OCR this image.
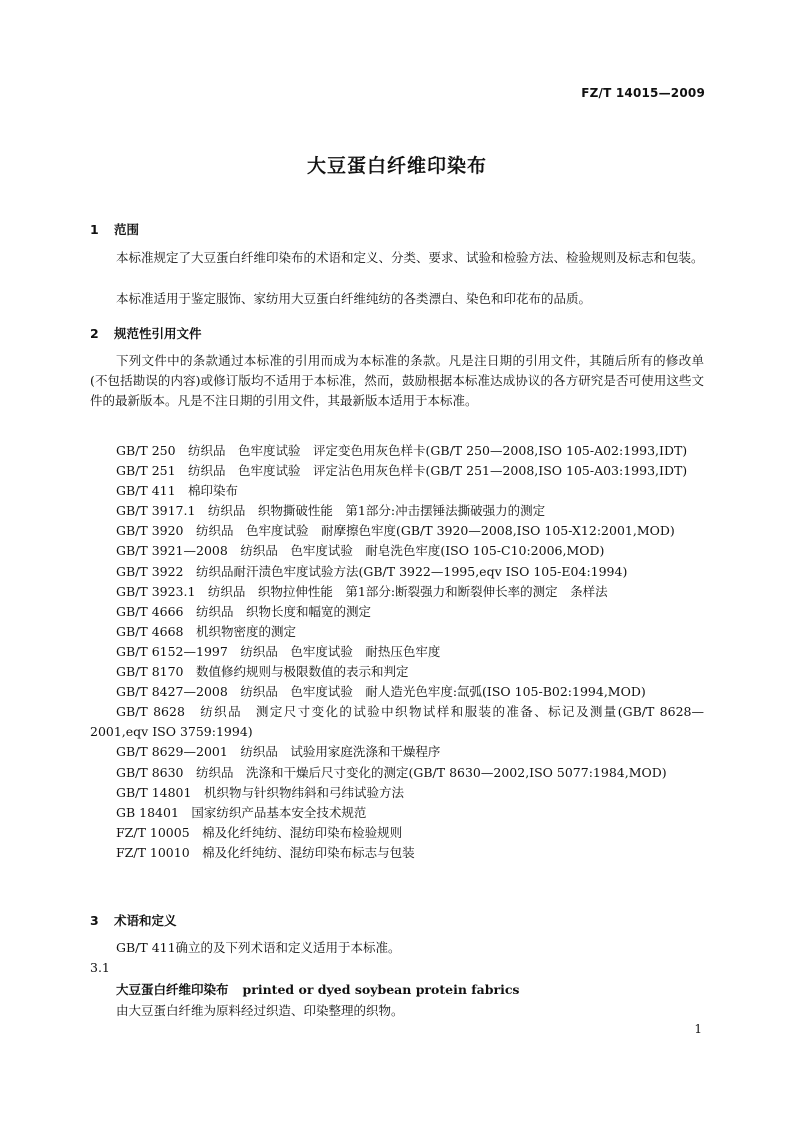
FZ/T 14015—2009
大豆蛋白纤维印染布
1 范围
本标准规定了大豆蛋白纤维印染布的术语和定义、分类、要求、试验和检验方法、检验规则及标志和包装。
本标准适用于鉴定服饰、家纺用大豆蛋白纤维纯纺的各类漂白、染色和印花布的品质。
2 规范性引用文件
下列文件中的条款通过本标准的引用而成为本标准的条款。凡是注日期的引用文件，其随后所有的修改单(不包括勘误的内容)或修订版均不适用于本标准，然而，鼓励根据本标准达成协议的各方研究是否可使用这些文件的最新版本。凡是不注日期的引用文件，其最新版本适用于本标准。
GB/T 250　纺织品　色牢度试验　评定变色用灰色样卡(GB/T 250—2008,ISO 105-A02:1993,IDT)
GB/T 251　纺织品　色牢度试验　评定沾色用灰色样卡(GB/T 251—2008,ISO 105-A03:1993,IDT)
GB/T 411　棉印染布
GB/T 3917.1　纺织品　织物撕破性能　第1部分:冲击摆锤法撕破强力的测定
GB/T 3920　纺织品　色牢度试验　耐摩擦色牢度(GB/T 3920—2008,ISO 105-X12:2001,MOD)
GB/T 3921—2008　纺织品　色牢度试验　耐皂洗色牢度(ISO 105-C10:2006,MOD)
GB/T 3922　纺织品耐汗渍色牢度试验方法(GB/T 3922—1995,eqv ISO 105-E04:1994)
GB/T 3923.1　纺织品　织物拉伸性能　第1部分:断裂强力和断裂伸长率的测定　条样法
GB/T 4666　纺织品　织物长度和幅宽的测定
GB/T 4668　机织物密度的测定
GB/T 6152—1997　纺织品　色牢度试验　耐热压色牢度
GB/T 8170　数值修约规则与极限数值的表示和判定
GB/T 8427—2008　纺织品　色牢度试验　耐人造光色牢度:氙弧(ISO 105-B02:1994,MOD)
GB/T 8628　纺织品　测定尺寸变化的试验中织物试样和服装的准备、标记及测量(GB/T 8628—2001,eqv ISO 3759:1994)
GB/T 8629—2001　纺织品　试验用家庭洗涤和干燥程序
GB/T 8630　纺织品　洗涤和干燥后尺寸变化的测定(GB/T 8630—2002,ISO 5077:1984,MOD)
GB/T 14801　机织物与针织物纬斜和弓纬试验方法
GB 18401　国家纺织产品基本安全技术规范
FZ/T 10005　棉及化纤纯纺、混纺印染布检验规则
FZ/T 10010　棉及化纤纯纺、混纺印染布标志与包装
3 术语和定义
GB/T 411确立的及下列术语和定义适用于本标准。
3.1
大豆蛋白纤维印染布 printed or dyed soybean protein fabrics
由大豆蛋白纤维为原料经过织造、印染整理的织物。
1
